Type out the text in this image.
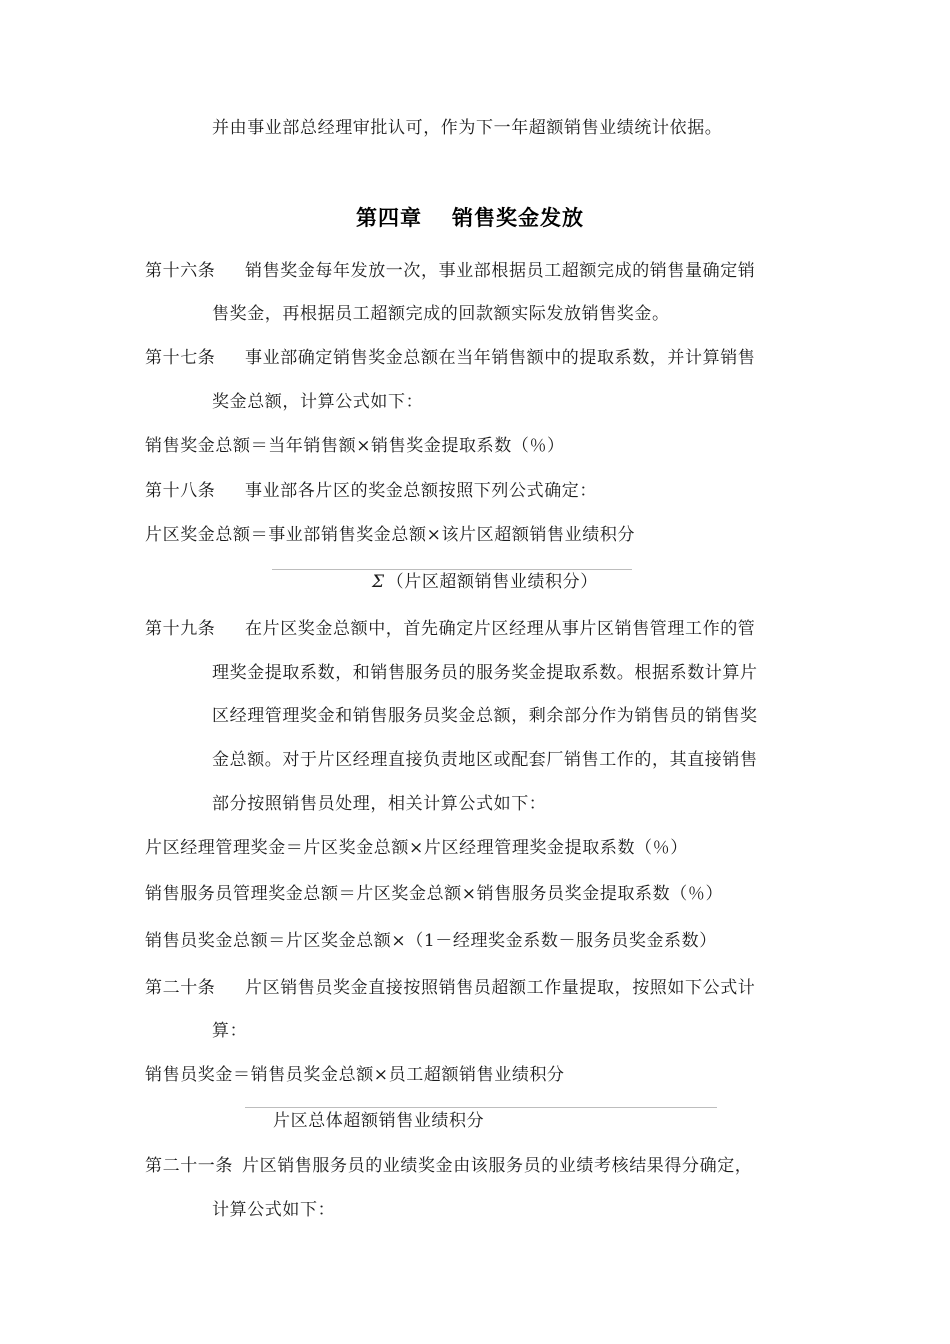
并由事业部总经理审批认可，作为下一年超额销售业绩统计依据。
第四章 销售奖金发放
第十六条 销售奖金每年发放一次，事业部根据员工超额完成的销售量确定销
售奖金，再根据员工超额完成的回款额实际发放销售奖金。
第十七条 事业部确定销售奖金总额在当年销售额中的提取系数，并计算销售
奖金总额，计算公式如下：
销售奖金总额＝当年销售额×销售奖金提取系数（％）
第十八条 事业部各片区的奖金总额按照下列公式确定：
片区奖金总额＝事业部销售奖金总额×该片区超额销售业绩积分
Σ （片区超额销售业绩积分）
第十九条 在片区奖金总额中，首先确定片区经理从事片区销售管理工作的管
理奖金提取系数，和销售服务员的服务奖金提取系数。根据系数计算片
区经理管理奖金和销售服务员奖金总额，剩余部分作为销售员的销售奖
金总额。对于片区经理直接负责地区或配套厂销售工作的，其直接销售
部分按照销售员处理，相关计算公式如下：
片区经理管理奖金＝片区奖金总额×片区经理管理奖金提取系数（％）
销售服务员管理奖金总额＝片区奖金总额×销售服务员奖金提取系数（％）
销售员奖金总额＝片区奖金总额×（1－经理奖金系数－服务员奖金系数）
第二十条 片区销售员奖金直接按照销售员超额工作量提取，按照如下公式计
算：
销售员奖金＝销售员奖金总额×员工超额销售业绩积分
片区总体超额销售业绩积分
第二十一条 片区销售服务员的业绩奖金由该服务员的业绩考核结果得分确定，
计算公式如下：
